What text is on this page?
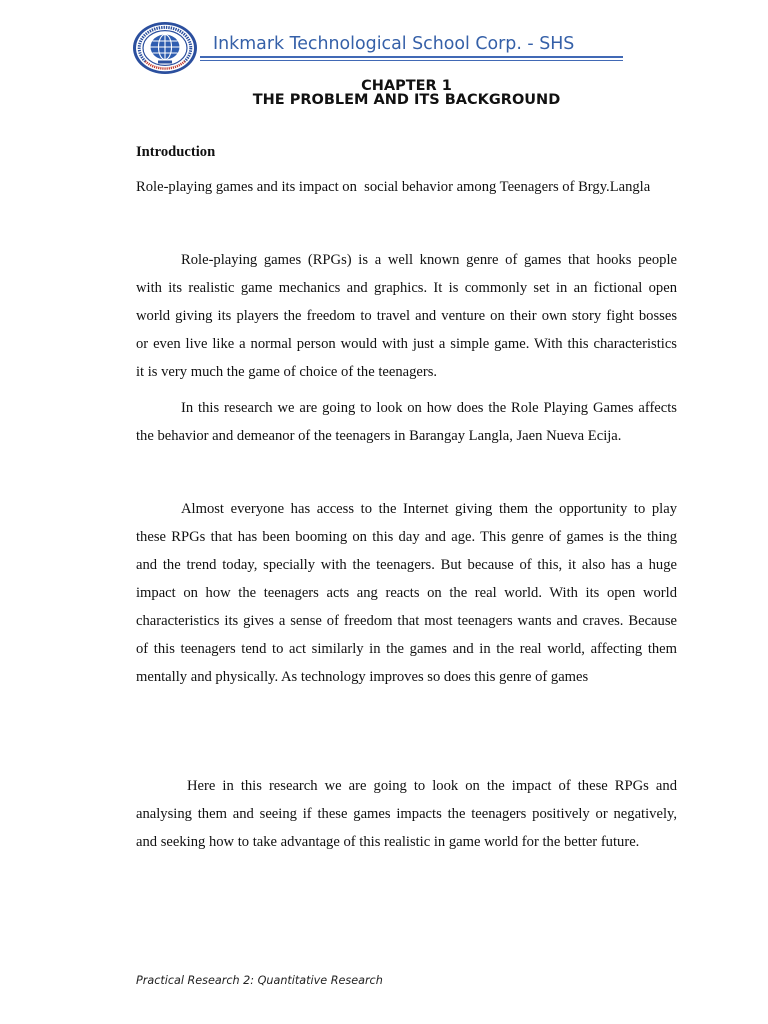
Inkmark Technological School Corp. - SHS
CHAPTER 1
THE PROBLEM AND ITS BACKGROUND
Introduction
Role-playing games and its impact on  social behavior among Teenagers of Brgy.Langla
Role-playing games (RPGs) is a well known genre of games that hooks people
with its realistic game mechanics and graphics. It is commonly set in an fictional open
world giving its players the freedom to travel and venture on their own story fight bosses
or even live like a normal person would with just a simple game. With this characteristics
it is very much the game of choice of the teenagers.
In this research we are going to look on how does the Role Playing Games affects
the behavior and demeanor of the teenagers in Barangay Langla, Jaen Nueva Ecija.
Almost everyone has access to the Internet giving them the opportunity to play
these RPGs that has been booming on this day and age. This genre of games is the thing
and the trend today, specially with the teenagers. But because of this, it also has a huge
impact on how the teenagers acts ang reacts on the real world. With its open world
characteristics its gives a sense of freedom that most teenagers wants and craves. Because
of this teenagers tend to act similarly in the games and in the real world, affecting them
mentally and physically. As technology improves so does this genre of games
Here in this research we are going to look on the impact of these RPGs and
analysing them and seeing if these games impacts the teenagers positively or negatively,
and seeking how to take advantage of this realistic in game world for the better future.
Practical Research 2: Quantitative Research
